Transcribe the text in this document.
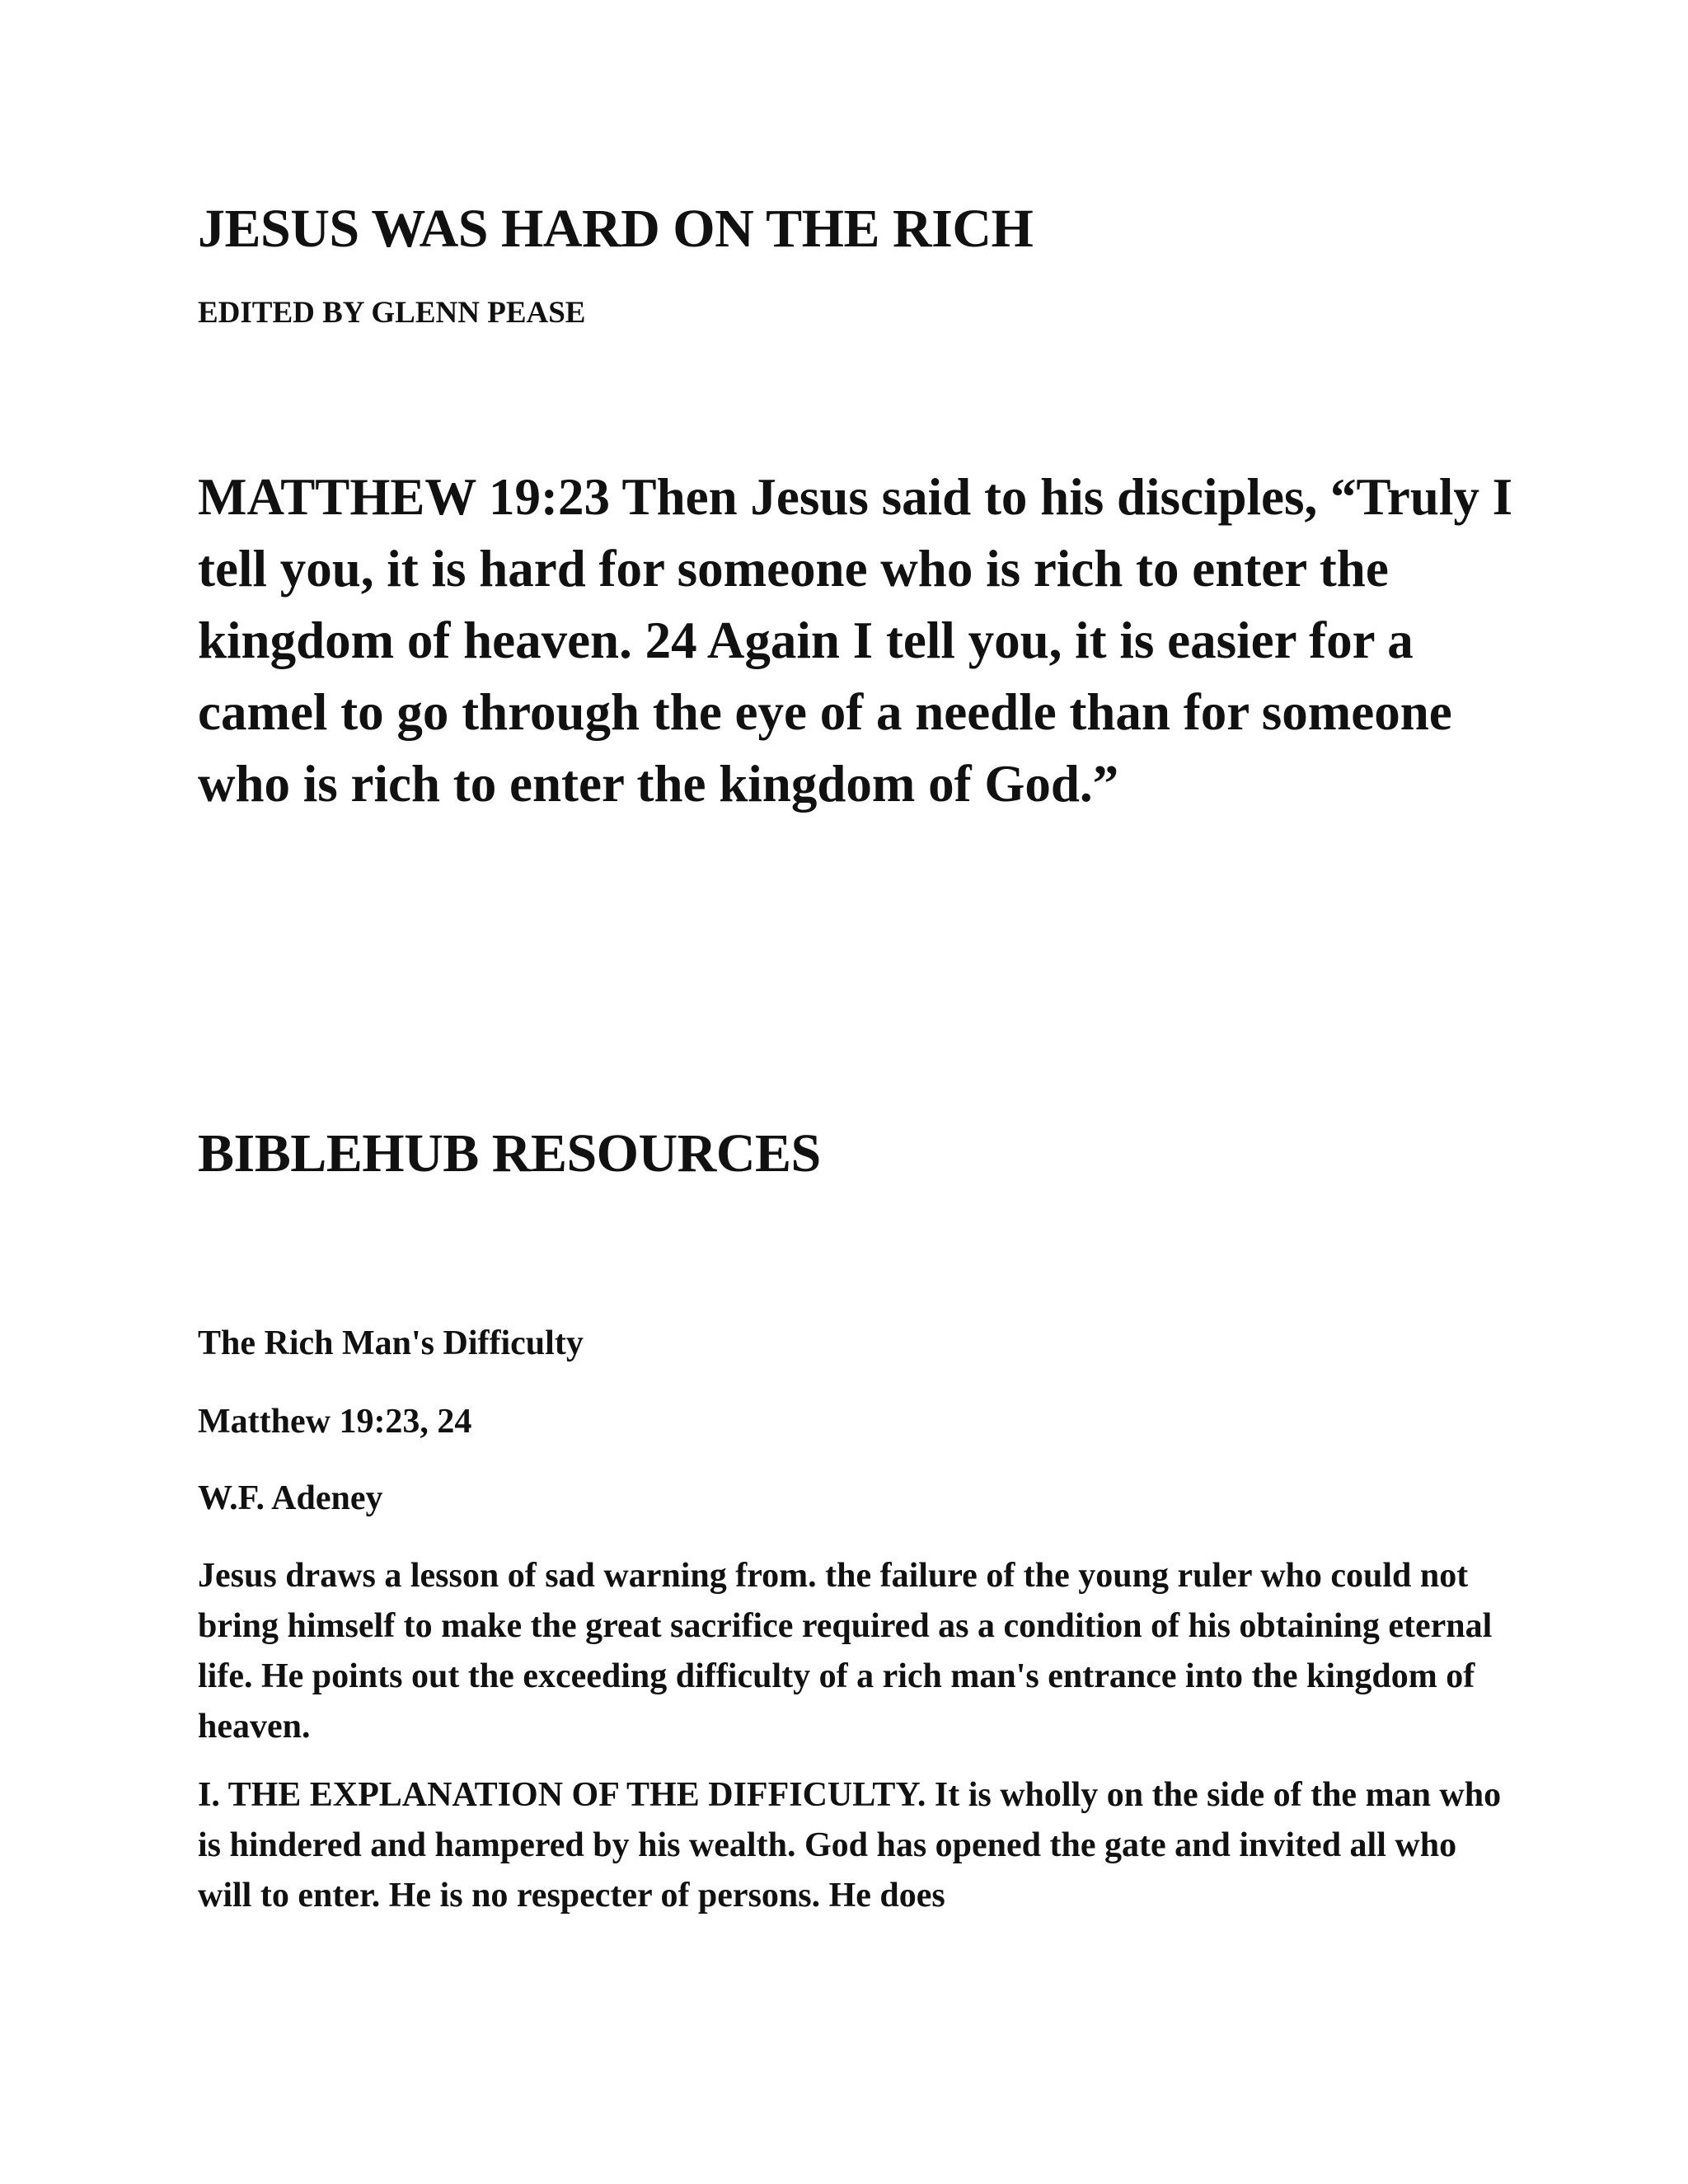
JESUS WAS HARD ON THE RICH

EDITED BY GLENN PEASE

MATTHEW 19:23 Then Jesus said to his disciples, “Truly I tell you, it is hard for someone who is rich to enter the kingdom of heaven. 24 Again I tell you, it is easier for a camel to go through the eye of a needle than for someone who is rich to enter the kingdom of God.”

BIBLEHUB RESOURCES

The Rich Man's Difficulty

Matthew 19:23, 24

W.F. Adeney

Jesus draws a lesson of sad warning from. the failure of the young ruler who could not bring himself to make the great sacrifice required as a condition of his obtaining eternal life. He points out the exceeding difficulty of a rich man's entrance into the kingdom of heaven.

I. THE EXPLANATION OF THE DIFFICULTY. It is wholly on the side of the man who is hindered and hampered by his wealth. God has opened the gate and invited all who will to enter. He is no respecter of persons. He does
